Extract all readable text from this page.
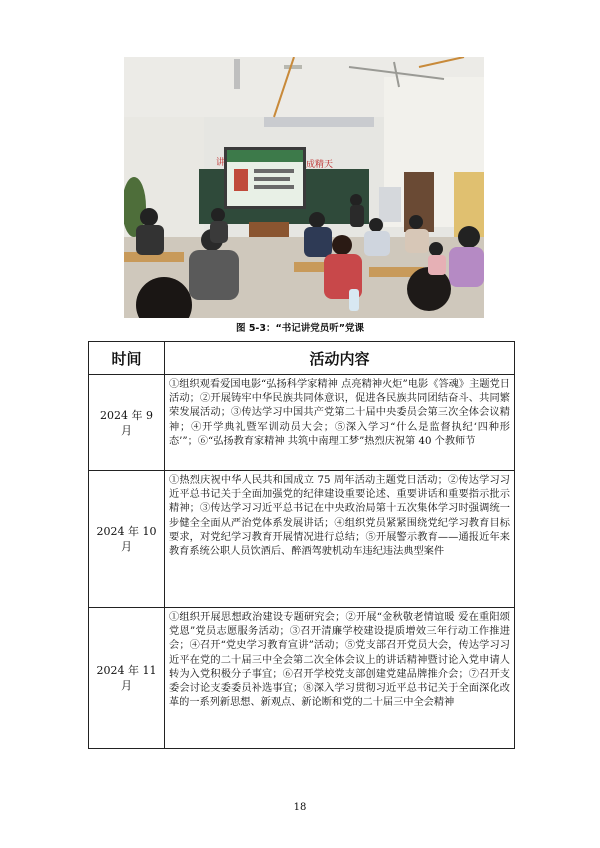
讲	成精天
图 5-3：“书记讲党员听”党课
时间	活动内容
2024 年 9 月	①组织观看爱国电影“弘扬科学家精神 点亮精神火炬”电影《答魂》主题党日活动；②开展铸牢中华民族共同体意识，促进各民族共同团结奋斗、共同繁荣发展活动；③传达学习中国共产党第二十届中央委员会第三次全体会议精神；④开学典礼暨军训动员大会；⑤深入学习“什么是监督执纪‘四种形态’”；⑥“弘扬教育家精神 共筑中南理工梦”热烈庆祝第 40 个教师节
2024 年 10 月	①热烈庆祝中华人民共和国成立 75 周年活动主题党日活动；②传达学习习近平总书记关于全面加强党的纪律建设重要论述、重要讲话和重要指示批示精神；③传达学习习近平总书记在中央政治局第十五次集体学习时强调统一步健全全面从严治党体系发展讲话；④组织党员紧紧围绕党纪学习教育目标要求，对党纪学习教育开展情况进行总结；⑤开展警示教育——通报近年来教育系统公职人员饮酒后、醉酒驾驶机动车违纪违法典型案件
2024 年 11 月	①组织开展思想政治建设专题研究会；②开展“金秋敬老情谊暖 爱在重阳颂党恩”党员志愿服务活动；③召开清廉学校建设提质增效三年行动工作推进会；④召开“党史学习教育宣讲”活动；⑤党支部召开党员大会，传达学习习近平在党的二十届三中全会第二次全体会议上的讲话精神暨讨论入党申请人转为入党积极分子事宜；⑥召开学校党支部创建党建品牌推介会；⑦召开支委会讨论支委委员补选事宜；⑧深入学习贯彻习近平总书记关于全面深化改革的一系列新思想、新观点、新论断和党的二十届三中全会精神
18
